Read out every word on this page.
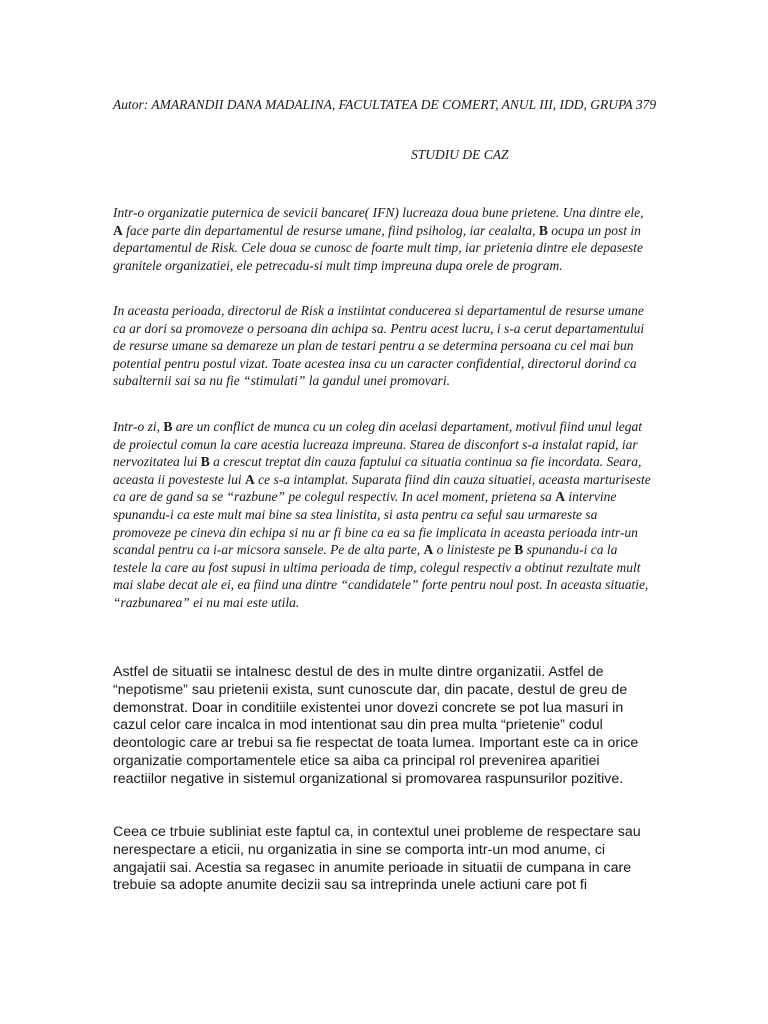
Autor: AMARANDII DANA MADALINA, FACULTATEA DE COMERT, ANUL III, IDD, GRUPA 379
STUDIU DE CAZ

Intr-o organizatie puternica de sevicii bancare( IFN) lucreaza doua bune prietene. Una dintre ele, A face parte din departamentul de resurse umane, fiind psiholog, iar cealalta, B ocupa un post in departamentul de Risk. Cele doua se cunosc de foarte mult timp, iar prietenia dintre ele depaseste granitele organizatiei, ele petrecadu-si mult timp impreuna dupa orele de program.

In aceasta perioada, directorul de Risk a instiintat conducerea si departamentul de resurse umane ca ar dori sa promoveze o persoana din achipa sa. Pentru acest lucru, i s-a cerut departamentului de resurse umane sa demareze un plan de testari pentru a se determina persoana cu cel mai bun potential pentru postul vizat. Toate acestea insa cu un caracter confidential, directorul dorind ca subalternii sai sa nu fie “stimulati” la gandul unei promovari.

Intr-o zi, B are un conflict de munca cu un coleg din acelasi departament, motivul fiind unul legat de proiectul comun la care acestia lucreaza impreuna. Starea de disconfort s-a instalat rapid, iar nervozitatea lui B a crescut treptat din cauza faptului ca situatia continua sa fie incordata. Seara, aceasta ii povesteste lui A ce s-a intamplat. Suparata fiind din cauza situatiei, aceasta marturiseste ca are de gand sa se “razbune” pe colegul respectiv. In acel moment, prietena sa A intervine spunandu-i ca este mult mai bine sa stea linistita, si asta pentru ca seful sau urmareste sa promoveze pe cineva din echipa si nu ar fi bine ca ea sa fie implicata in aceasta perioada intr-un scandal pentru ca i-ar micsora sansele. Pe de alta parte, A o linisteste pe B spunandu-i ca la testele la care au fost supusi in ultima perioada de timp, colegul respectiv a obtinut rezultate mult mai slabe decat ale ei, ea fiind una dintre “candidatele” forte pentru noul post. In aceasta situatie, “razbunarea” ei nu mai este utila.

Astfel de situatii se intalnesc destul de des in multe dintre organizatii. Astfel de “nepotisme” sau prietenii exista, sunt cunoscute dar, din pacate, destul de greu de demonstrat. Doar in conditiile existentei unor dovezi concrete se pot lua masuri in cazul celor care incalca in mod intentionat sau din prea multa “prietenie” codul deontologic care ar trebui sa fie respectat de toata lumea. Important este ca in orice organizatie comportamentele etice sa aiba ca principal rol prevenirea aparitiei reactiilor negative in sistemul organizational si promovarea raspunsurilor pozitive.

Ceea ce trbuie subliniat este faptul ca, in contextul unei probleme de respectare sau nerespectare a eticii, nu organizatia in sine se comporta intr-un mod anume, ci angajatii sai. Acestia sa regasec in anumite perioade in situatii de cumpana in care trebuie sa adopte anumite decizii sau sa intreprinda unele actiuni care pot fi
